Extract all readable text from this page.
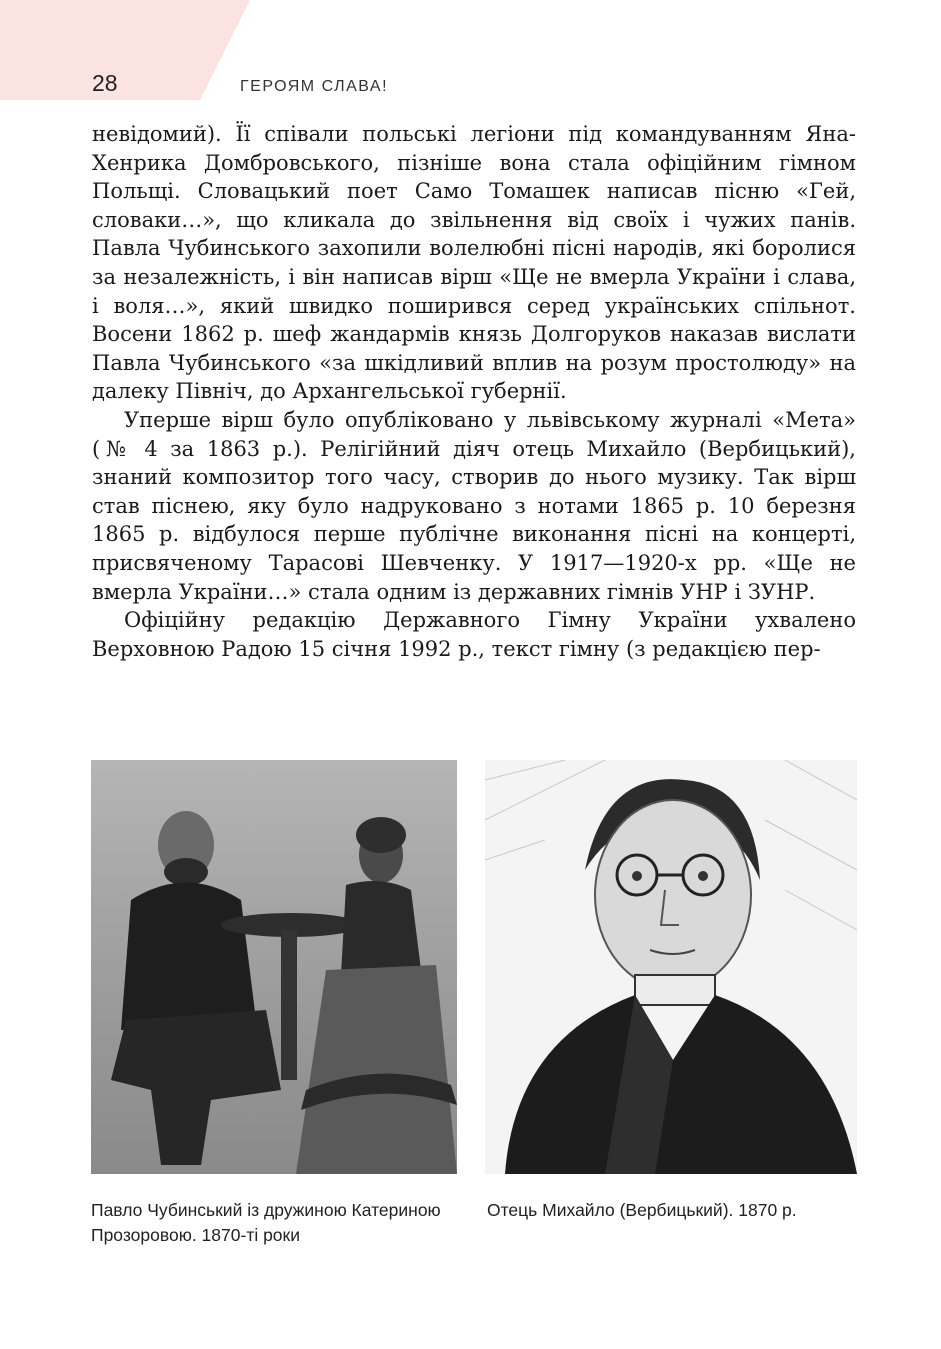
28	ГЕРОЯМ СЛАВА!

невідомий). Її співали польські легіони під командуванням Яна-Хенрика Домбровського, пізніше вона стала офіційним гімном Польщі. Словацький поет Само Томашек написав пісню «Гей, словаки…», що кликала до звільнення від своїх і чужих панів. Павла Чубинського захопили волелюбні пісні народів, які боролися за незалежність, і він написав вірш «Ще не вмерла України і слава, і воля…», який швидко поширився серед українських спільнот. Восени 1862 р. шеф жандармів князь Долгоруков наказав вислати Павла Чубинського «за шкідливий вплив на розум простолюду» на далеку Північ, до Архангельської губернії.

Уперше вірш було опубліковано у львівському журналі «Мета» (№ 4 за 1863 р.). Релігійний діяч отець Михайло (Вербицький), знаний композитор того часу, створив до нього музику. Так вірш став піснею, яку було надруковано з нотами 1865 р. 10 березня 1865 р. відбулося перше публічне виконання пісні на концерті, присвяченому Тарасові Шевченку. У 1917—1920-х рр. «Ще не вмерла України…» стала одним із державних гімнів УНР і ЗУНР.

Офіційну редакцію Державного Гімну України ухвалено Верховною Радою 15 січня 1992 р., текст гімну (з редакцією пер-

Павло Чубинський із дружиною Катериною Прозоровою. 1870-ті роки
Отець Михайло (Вербицький). 1870 р.
